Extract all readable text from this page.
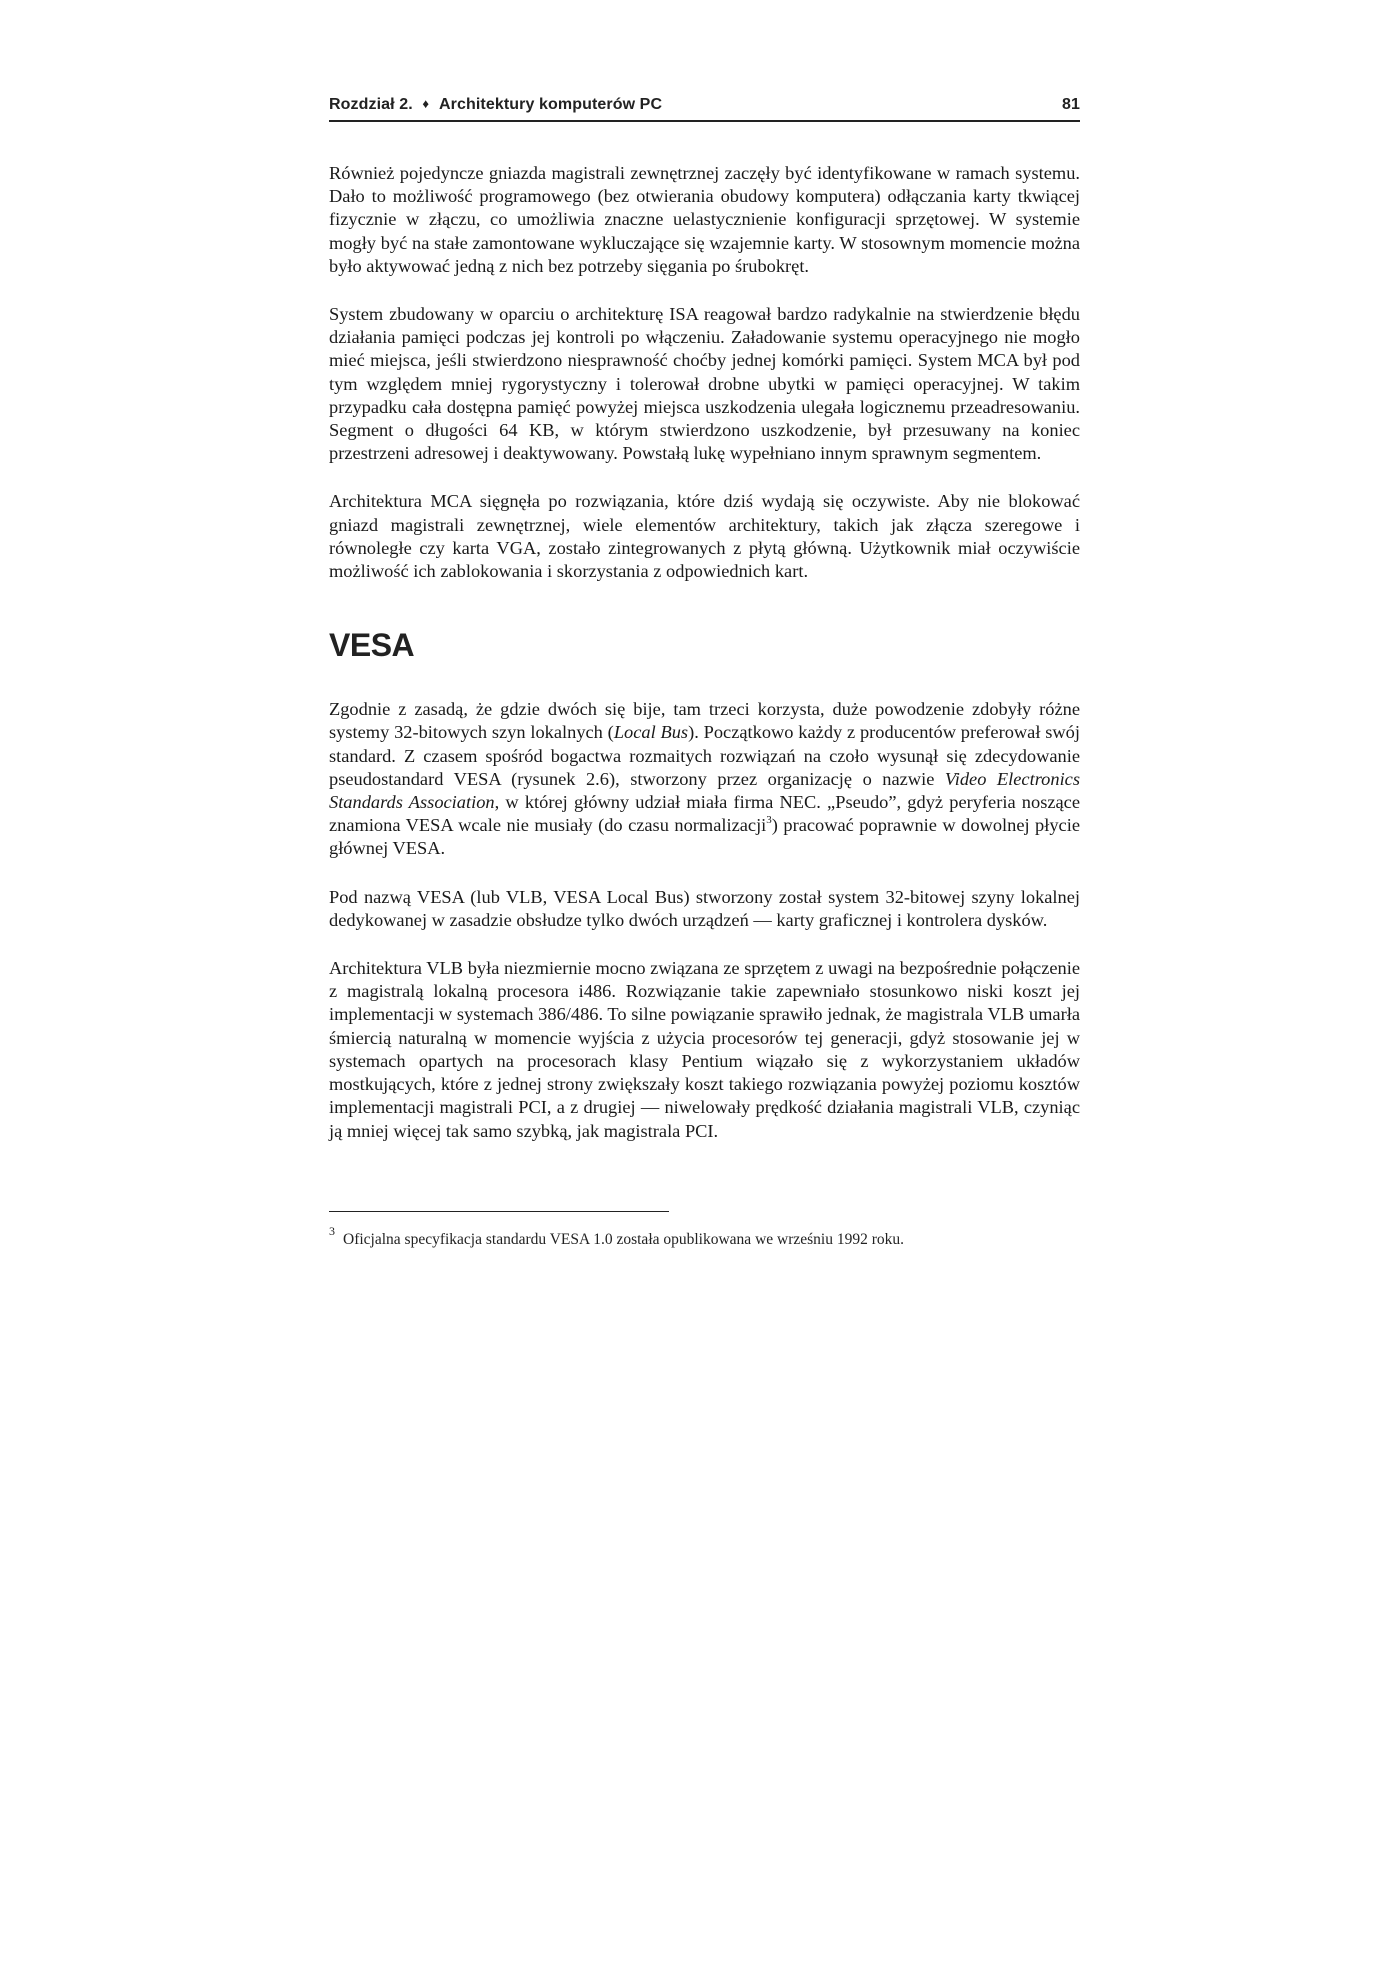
Rozdział 2. ♦ Architektury komputerów PC	81

Również pojedyncze gniazda magistrali zewnętrznej zaczęły być identyfikowane w ramach systemu. Dało to możliwość programowego (bez otwierania obudowy komputera) odłączania karty tkwiącej fizycznie w złączu, co umożliwia znaczne uelastycznienie konfiguracji sprzętowej. W systemie mogły być na stałe zamontowane wykluczające się wzajemnie karty. W stosownym momencie można było aktywować jedną z nich bez potrzeby sięgania po śrubokręt.

System zbudowany w oparciu o architekturę ISA reagował bardzo radykalnie na stwierdzenie błędu działania pamięci podczas jej kontroli po włączeniu. Załadowanie systemu operacyjnego nie mogło mieć miejsca, jeśli stwierdzono niesprawność choćby jednej komórki pamięci. System MCA był pod tym względem mniej rygorystyczny i tolerował drobne ubytki w pamięci operacyjnej. W takim przypadku cała dostępna pamięć powyżej miejsca uszkodzenia ulegała logicznemu przeadresowaniu. Segment o długości 64 KB, w którym stwierdzono uszkodzenie, był przesuwany na koniec przestrzeni adresowej i deaktywowany. Powstałą lukę wypełniano innym sprawnym segmentem.

Architektura MCA sięgnęła po rozwiązania, które dziś wydają się oczywiste. Aby nie blokować gniazd magistrali zewnętrznej, wiele elementów architektury, takich jak złącza szeregowe i równoległe czy karta VGA, zostało zintegrowanych z płytą główną. Użytkownik miał oczywiście możliwość ich zablokowania i skorzystania z odpowiednich kart.

VESA

Zgodnie z zasadą, że gdzie dwóch się bije, tam trzeci korzysta, duże powodzenie zdobyły różne systemy 32-bitowych szyn lokalnych (Local Bus). Początkowo każdy z producentów preferował swój standard. Z czasem spośród bogactwa rozmaitych rozwiązań na czoło wysunął się zdecydowanie pseudostandard VESA (rysunek 2.6), stworzony przez organizację o nazwie Video Electronics Standards Association, w której główny udział miała firma NEC. „Pseudo”, gdyż peryferia noszące znamiona VESA wcale nie musiały (do czasu normalizacji$^3$) pracować poprawnie w dowolnej płycie głównej VESA.

Pod nazwą VESA (lub VLB, VESA Local Bus) stworzony został system 32-bitowej szyny lokalnej dedykowanej w zasadzie obsłudze tylko dwóch urządzeń — karty graficznej i kontrolera dysków.

Architektura VLB była niezmiernie mocno związana ze sprzętem z uwagi na bezpośrednie połączenie z magistralą lokalną procesora i486. Rozwiązanie takie zapewniało stosunkowo niski koszt jej implementacji w systemach 386/486. To silne powiązanie sprawiło jednak, że magistrala VLB umarła śmiercią naturalną w momencie wyjścia z użycia procesorów tej generacji, gdyż stosowanie jej w systemach opartych na procesorach klasy Pentium wiązało się z wykorzystaniem układów mostkujących, które z jednej strony zwiększały koszt takiego rozwiązania powyżej poziomu kosztów implementacji magistrali PCI, a z drugiej — niwelowały prędkość działania magistrali VLB, czyniąc ją mniej więcej tak samo szybką, jak magistrala PCI.

$^3$Oficjalna specyfikacja standardu VESA 1.0 została opublikowana we wrześniu 1992 roku.
